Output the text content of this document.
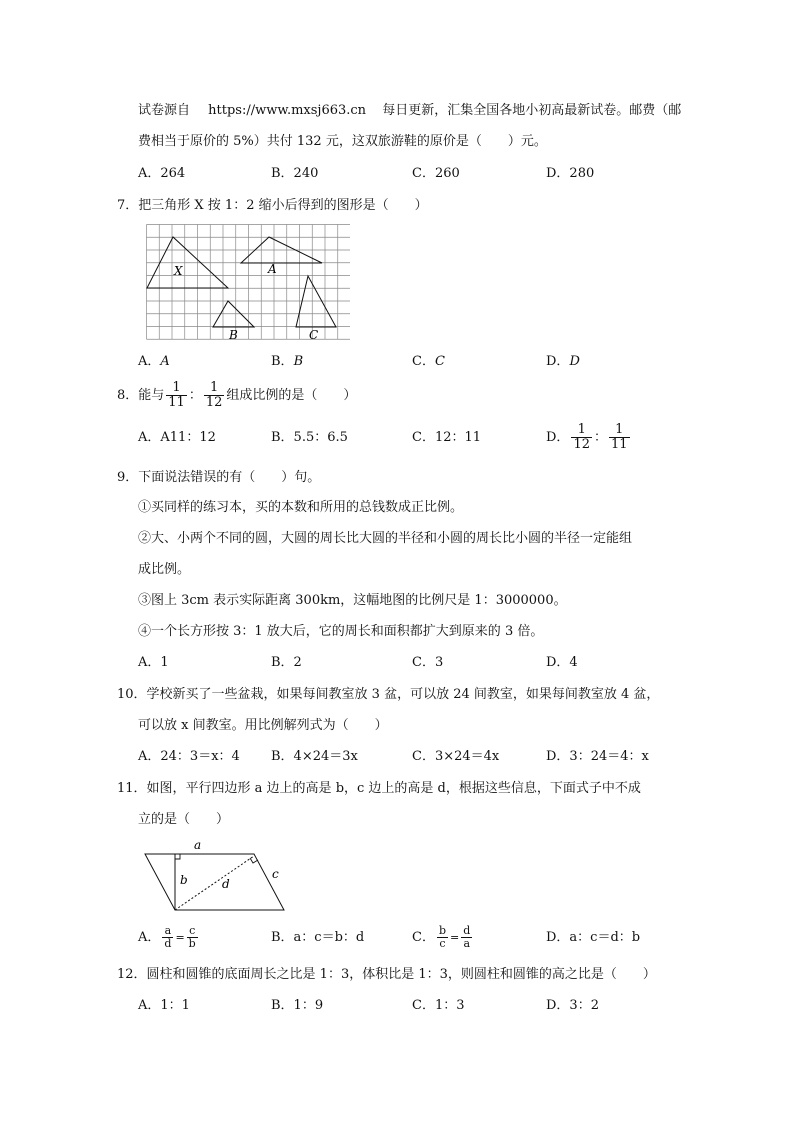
试卷源自 https://www.mxsj663.cn 每日更新，汇集全国各地小初高最新试卷。邮费（邮
费相当于原价的 5%）共付 132 元，这双旅游鞋的原价是（　　）元。
A．264	B．240	C．260	D．280
7．把三角形 X 按 1：2 缩小后得到的图形是（　　）
X	A
B	C
A．A	B．B	C．C	D．D
8．能与 $\frac{1}{11}$ ： $\frac{1}{12}$ 组成比例的是（　　）
A．A11：12	B．5.5：6.5	C．12：11	D． $\frac{1}{12}$ ： $\frac{1}{11}$
9．下面说法错误的有（　　）句。
①买同样的练习本，买的本数和所用的总钱数成正比例。
②大、小两个不同的圆，大圆的周长比大圆的半径和小圆的周长比小圆的半径一定能组
成比例。
③图上 3cm 表示实际距离 300km，这幅地图的比例尺是 1：3000000。
④一个长方形按 3：1 放大后，它的周长和面积都扩大到原来的 3 倍。
A．1	B．2	C．3	D．4
10．学校新买了一些盆栽，如果每间教室放 3 盆，可以放 24 间教室，如果每间教室放 4 盆，
可以放 x 间教室。用比例解列式为（　　）
A．24：3＝x：4 B．4×24＝3x	C．3×24＝4x	D．3：24＝4：x
11．如图，平行四边形 a 边上的高是 b，c 边上的高是 d，根据这些信息，下面式子中不成
立的是（　　）
a
b	c
d
A． $\frac{a}{d} = \frac{c}{b}$	B．a：c＝b：d	C． $\frac{b}{c} = \frac{d}{a}$	D．a：c＝d：b
12．圆柱和圆锥的底面周长之比是 1：3，体积比是 1：3，则圆柱和圆锥的高之比是（　　）
A．1：1	B．1：9	C．1：3	D．3：2
